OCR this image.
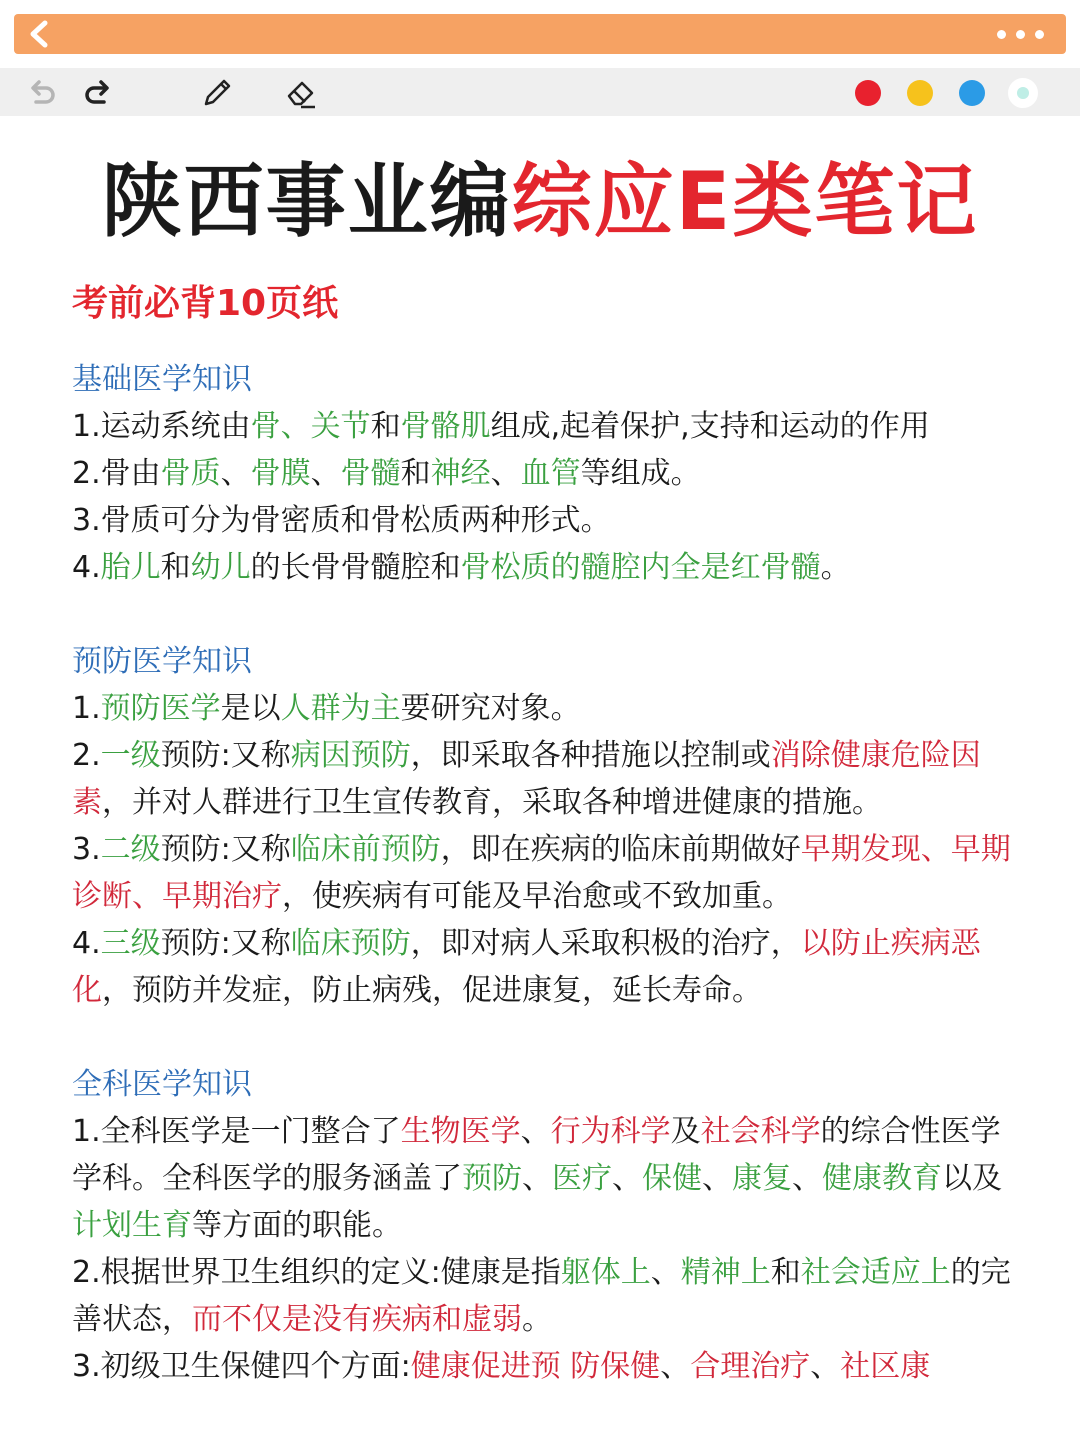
陕西事业编综应E类笔记
考前必背10页纸
基础医学知识

1.运动系统由骨、关节和骨骼肌组成,起着保护,支持和运动的作用

2.骨由骨质、骨膜、骨髓和神经、血管等组成。

3.骨质可分为骨密质和骨松质两种形式。

4.胎儿和幼儿的长骨骨髓腔和骨松质的髓腔内全是红骨髓。

预防医学知识

1.预防医学是以人群为主要研究对象。

2.一级预防:又称病因预防，即采取各种措施以控制或消除健康危险因素，并对人群进行卫生宣传教育，采取各种增进健康的措施。

3.二级预防:又称临床前预防，即在疾病的临床前期做好早期发现、早期诊断、早期治疗，使疾病有可能及早治愈或不致加重。

4.三级预防:又称临床预防，即对病人采取积极的治疗，以防止疾病恶化，预防并发症，防止病残，促进康复，延长寿命。

全科医学知识

1.全科医学是一门整合了生物医学、行为科学及社会科学的综合性医学学科。全科医学的服务涵盖了预防、医疗、保健、康复、健康教育以及计划生育等方面的职能。

2.根据世界卫生组织的定义:健康是指躯体上、精神上和社会适应上的完善状态，而不仅是没有疾病和虚弱。

3.初级卫生保健四个方面:健康促进预 防保健、合理治疗、社区康
